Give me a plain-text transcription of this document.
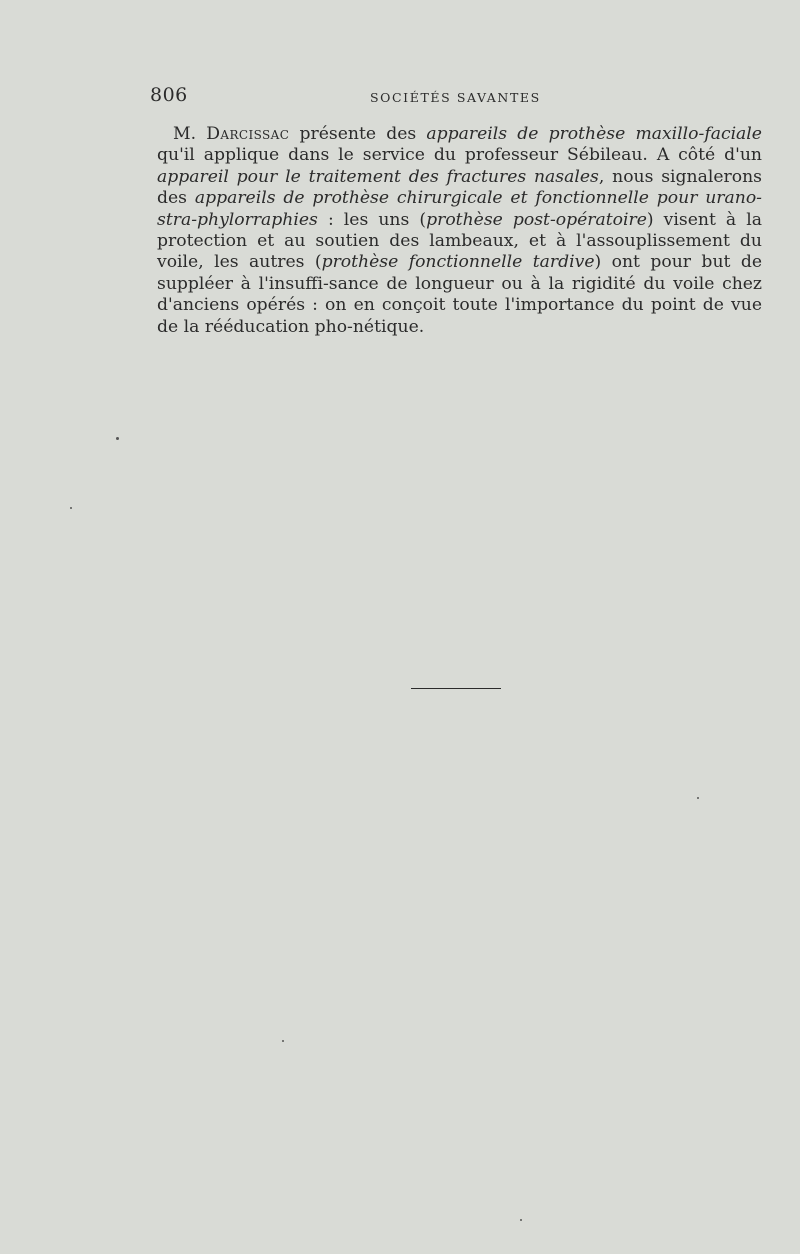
806	SOCIÉTÉS SAVANTES

M. Darcissac présente des appareils de prothèse maxillo-faciale qu'il applique dans le service du professeur Sébileau. A côté d'un appareil pour le traitement des fractures nasales, nous signalerons des appareils de prothèse chirurgicale et fonctionnelle pour urano-stra-phylorraphies : les uns (prothèse post-opératoire) visent à la protection et au soutien des lambeaux, et à l'assouplissement du voile, les autres (prothèse fonctionnelle tardive) ont pour but de suppléer à l'insuffi-sance de longueur ou à la rigidité du voile chez d'anciens opérés : on en conçoit toute l'importance du point de vue de la rééducation pho-nétique.
